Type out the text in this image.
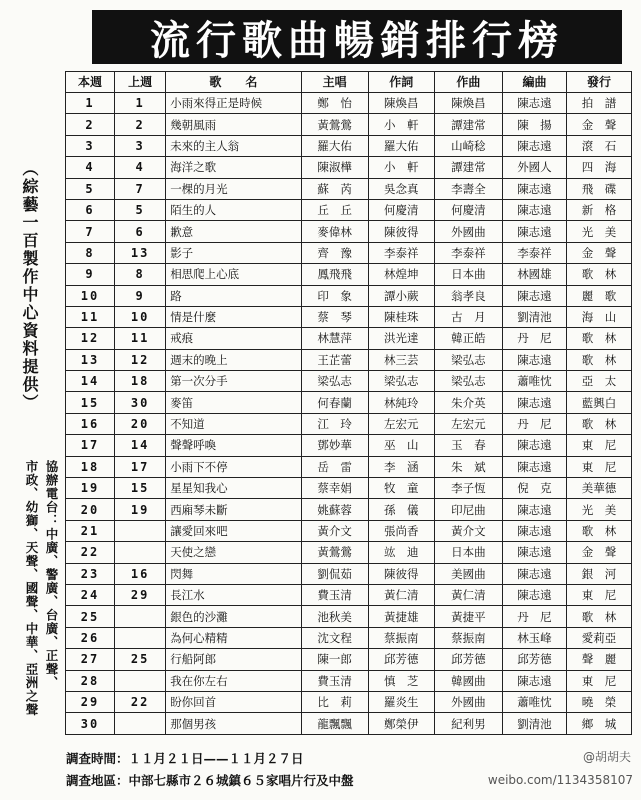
流行歌曲暢銷排行榜
本週	上週	歌　　名	主唱	作詞	作曲	編曲	發行
1	1	小雨來得正是時候	鄭　怡	陳煥昌	陳煥昌	陳志遠	拍　譜
2	2	幾朝風雨	黃鶯鶯	小　軒	譚建常	陳　揚	金　聲
3	3	未來的主人翁	羅大佑	羅大佑	山崎稔	陳志遠	滾　石
4	4	海洋之歌	陳淑樺	小　軒	譚建常	外國人	四　海
5	7	一棵的月光	蘇　芮	吳念真	李壽全	陳志遠	飛　碟
6	5	陌生的人	丘　丘	何慶清	何慶清	陳志遠	新　格
7	6	歉意	麥偉林	陳彼得	外國曲	陳志遠	光　美
8	13	影子	齊　豫	李泰祥	李泰祥	李泰祥	金　聲
9	8	相思爬上心底	鳳飛飛	林煌坤	日本曲	林國雄	歌　林
10	9	路	印　象	譚小蕨	翁孝良	陳志遠	麗　歌
11	10	情是什麼	蔡　琴	陳桂珠	古　月	劉清池	海　山
12	11	戒痕	林慧萍	洪光達	韓正皓	丹　尼	歌　林
13	12	週末的晚上	王芷蕾	林三芸	梁弘志	陳志遠	歌　林
14	18	第一次分手	梁弘志	梁弘志	梁弘志	蕭唯忱	亞　太
15	30	麥笛	何春蘭	林純玲	朱介英	陳志遠	藍興白
16	20	不知道	江　玲	左宏元	左宏元	丹　尼	歌　林
17	14	聲聲呼喚	鄧妙華	巫　山	玉　春	陳志遠	東　尼
18	17	小雨下不停	岳　雷	李　涵	朱　斌	陳志遠	東　尼
19	15	星星知我心	蔡幸娟	牧　童	李子恆	倪　克	美華德
20	19	西廂琴未斷	姚蘇蓉	孫　儀	印尼曲	陳志遠	光　美
21		讓愛回來吧	黃介文	張尚香	黃介文	陳志遠	歌　林
22		天使之戀	黃鶯鶯	竑　迪	日本曲	陳志遠	金　聲
23	16	閃舞	劉侃茹	陳彼得	美國曲	陳志遠	銀　河
24	29	長江水	費玉清	黃仁清	黃仁清	陳志遠	東　尼
25		銀色的沙灘	池秋美	黃捷雄	黃捷平	丹　尼	歌　林
26		為何心精精	沈文程	蔡振南	蔡振南	林玉峰	愛莉亞
27	25	行船阿郎	陳一郎	邱芳德	邱芳德	邱芳德	聲　麗
28		我在你左右	費玉清	慎　芝	韓國曲	陳志遠	東　尼
29	22	盼你回首	比　莉	羅炎生	外國曲	蕭唯忱	曉　榮
30		那個男孩	龍飄飄	鄭榮伊	紀利男	劉清池	鄉　城
（綜藝一百製作中心資料提供）
協辦電台：中廣、警廣、台廣、正聲、
市政、幼獅、天聲、國聲、中華、亞洲之聲
調查時間：１１月２１日——１１月２７日
調查地區：中部七縣市２６城鎮６５家唱片行及中盤
@胡胡夫
weibo.com/1134358107
